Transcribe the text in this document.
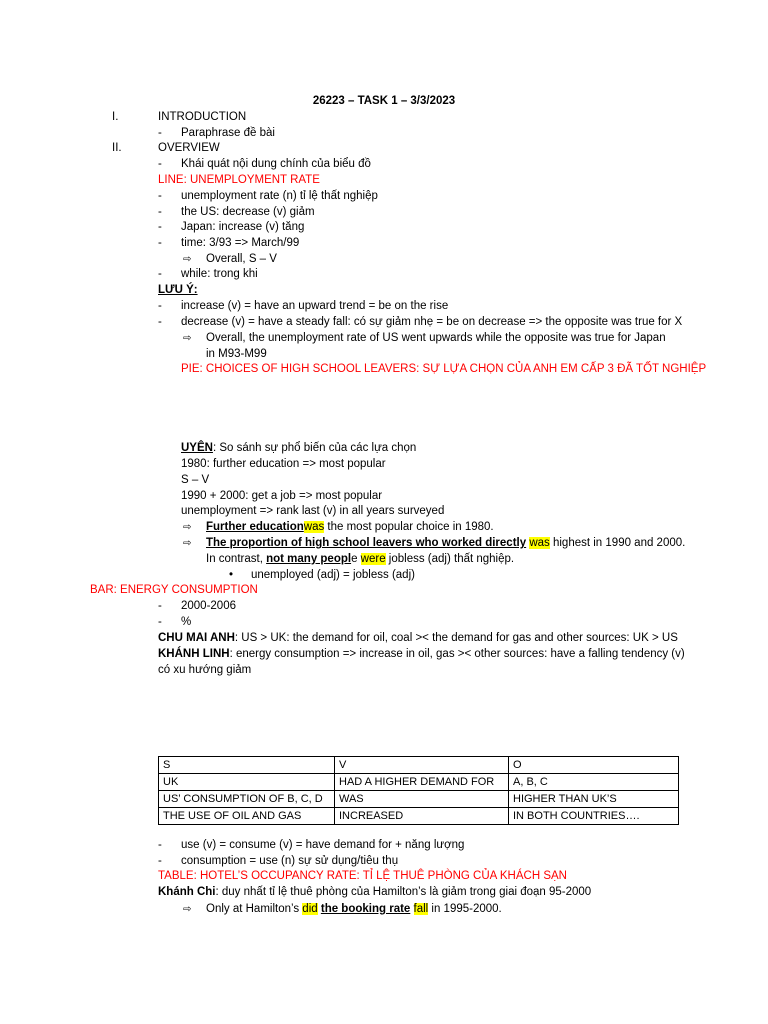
26223 – TASK 1 – 3/3/2023
I.	INTRODUCTION
- Paraphrase đề bài
II.	OVERVIEW
- Khái quát nội dung chính của biểu đồ
LINE: UNEMPLOYMENT RATE
- unemployment rate (n) tỉ lệ thất nghiệp
- the US: decrease (v) giảm
- Japan: increase (v) tăng
- time: 3/93 => March/99
⇨ Overall, S – V
- while: trong khi
LƯU Ý:
- increase (v) = have an upward trend = be on the rise
- decrease (v) = have a steady fall: có sự giảm nhẹ = be on decrease => the opposite was true for X
⇨ Overall, the unemployment rate of US went upwards while the opposite was true for Japan
in M93-M99
PIE: CHOICES OF HIGH SCHOOL LEAVERS: SỰ LỰA CHỌN CỦA ANH EM CẤP 3 ĐÃ TỐT NGHIỆP
UYÊN: So sánh sự phổ biến của các lựa chọn
1980: further education => most popular
S – V
1990 + 2000: get a job => most popular
unemployment => rank last (v) in all years surveyed
⇨ Further educationwas the most popular choice in 1980.
⇨ The proportion of high school leavers who worked directly was highest in 1990 and 2000.
In contrast, not many people were jobless (adj) thất nghiệp.
• unemployed (adj) = jobless (adj)
BAR: ENERGY CONSUMPTION
- 2000-2006
- %
CHU MAI ANH: US > UK: the demand for oil, coal >< the demand for gas and other sources: UK > US
KHÁNH LINH: energy consumption => increase in oil, gas >< other sources: have a falling tendency (v)
có xu hướng giảm
S	V	O
UK	HAD A HIGHER DEMAND FOR	A, B, C
US’ CONSUMPTION OF B, C, D	WAS	HIGHER THAN UK’S
THE USE OF OIL AND GAS	INCREASED	IN BOTH COUNTRIES….
- use (v) = consume (v) = have demand for + năng lượng
- consumption = use (n) sự sử dụng/tiêu thụ
TABLE: HOTEL’S OCCUPANCY RATE: TỈ LỆ THUÊ PHÒNG CỦA KHÁCH SẠN
Khánh Chi: duy nhất tỉ lệ thuê phòng của Hamilton’s là giảm trong giai đoạn 95-2000
⇨ Only at Hamilton’s did the booking rate fall in 1995-2000.
